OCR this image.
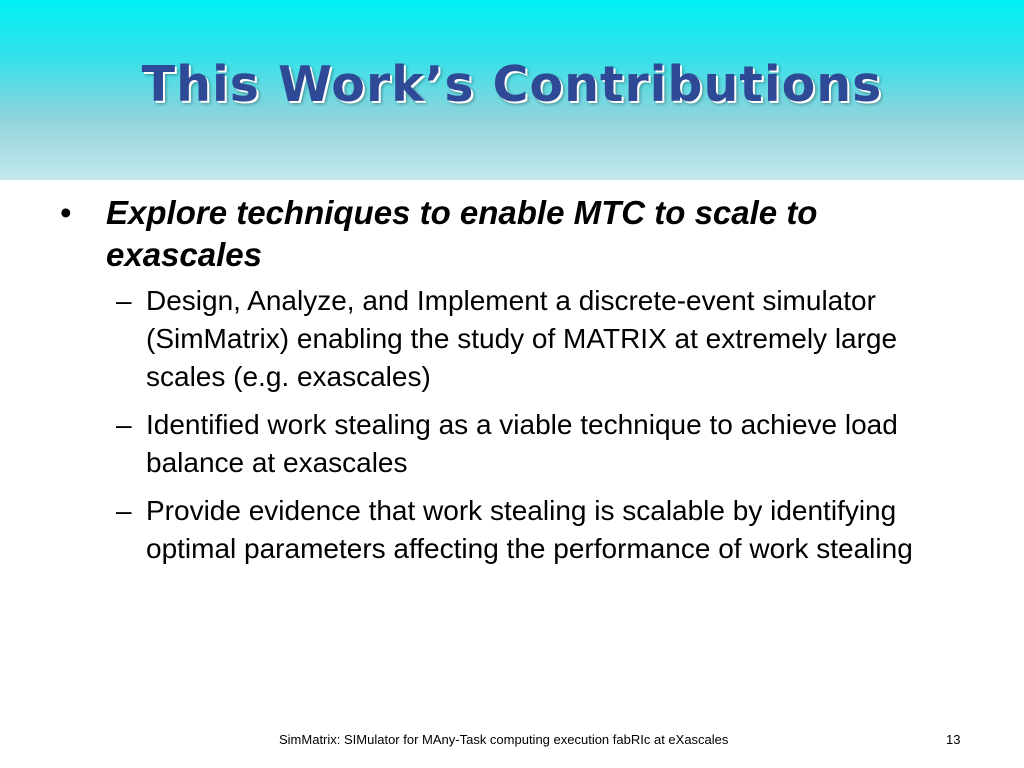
This Work’s Contributions
•	Explore techniques to enable MTC to scale to exascales
– Design, Analyze, and Implement a discrete-event simulator (SimMatrix) enabling the study of MATRIX at extremely large scales (e.g. exascales)
– Identified work stealing as a viable technique to achieve load balance at exascales
– Provide evidence that work stealing is scalable by identifying optimal parameters affecting the performance of work stealing
SimMatrix: SIMulator for MAny-Task computing execution fabRIc at eXascales	13
